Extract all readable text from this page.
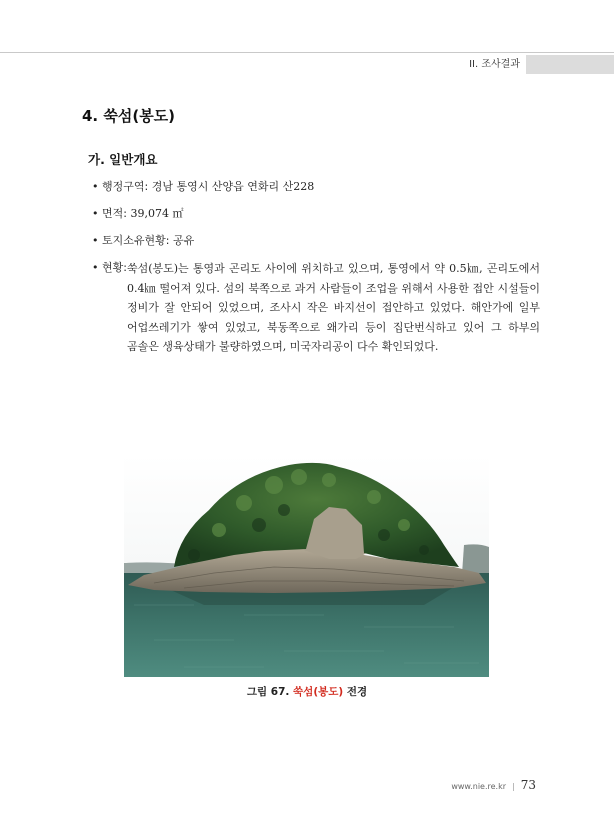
II. 조사결과
4. 쑥섬(봉도)
가. 일반개요
• 행정구역: 경남 통영시 산양읍 연화리 산228
• 면적: 39,074 ㎡
• 토지소유현황: 공유
• 현황: 쑥섬(봉도)는 통영과 곤리도 사이에 위치하고 있으며, 통영에서 약 0.5㎞, 곤리도에서 0.4㎞ 떨어져 있다. 섬의 북쪽으로 과거 사람들이 조업을 위해서 사용한 접안 시설들이 정비가 잘 안되어 있었으며, 조사시 작은 바지선이 접안하고 있었다. 해안가에 일부 어업쓰레기가 쌓여 있었고, 북동쪽으로 왜가리 등이 집단번식하고 있어 그 하부의 곰솔은 생육상태가 불량하였으며, 미국자리공이 다수 확인되었다.
그림 67. 쑥섬(봉도) 전경
www.nie.re.kr | 73
